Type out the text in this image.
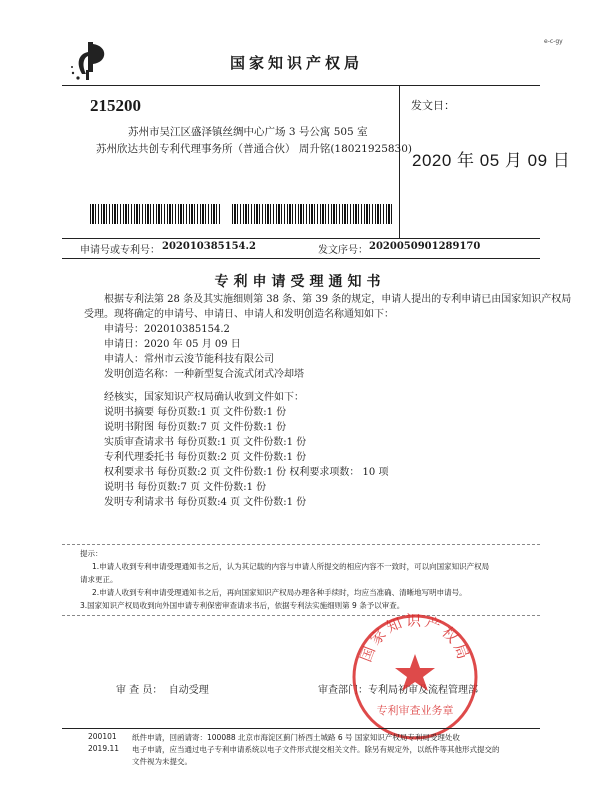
国家知识产权局
e-c-gy
215200
苏州市吴江区盛泽镇丝绸中心广场 3 号公寓 505 室
苏州欣达共创专利代理事务所（普通合伙） 周升铭(18021925830)
发文日：
2020 年 05 月 09 日
申请号或专利号： 202010385154.2	发文序号： 2020050901289170
专利申请受理通知书
根据专利法第 28 条及其实施细则第 38 条、第 39 条的规定，申请人提出的专利申请已由国家知识产权局
受理。现将确定的申请号、申请日、申请人和发明创造名称通知如下：
申请号：202010385154.2
申请日：2020 年 05 月 09 日
申请人：常州市云浚节能科技有限公司
发明创造名称：一种新型复合流式闭式冷却塔
经核实，国家知识产权局确认收到文件如下：
说明书摘要 每份页数:1 页 文件份数:1 份
说明书附图 每份页数:7 页 文件份数:1 份
实质审查请求书 每份页数:1 页 文件份数:1 份
专利代理委托书 每份页数:2 页 文件份数:1 份
权利要求书 每份页数:2 页 文件份数:1 份 权利要求项数： 10 项
说明书 每份页数:7 页 文件份数:1 份
发明专利请求书 每份页数:4 页 文件份数:1 份
提示：
1.申请人收到专利申请受理通知书之后，认为其记载的内容与申请人所提交的相应内容不一致时，可以向国家知识产权局
请求更正。
2.申请人收到专利申请受理通知书之后，再向国家知识产权局办理各种手续时，均应当准确、清晰地写明申请号。
3.国家知识产权局收到向外国申请专利保密审查请求书后，依据专利法实施细则第 9 条予以审查。
审 查 员： 自动受理	审查部门：专利局初审及流程管理部
国家知识产权局
专利审查业务章
200101
2019.11
纸件申请，回函请寄：100088 北京市海淀区蓟门桥西土城路 6 号 国家知识产权局专利局受理处收
电子申请，应当通过电子专利申请系统以电子文件形式提交相关文件。除另有规定外，以纸件等其他形式提交的
文件视为未提交。
